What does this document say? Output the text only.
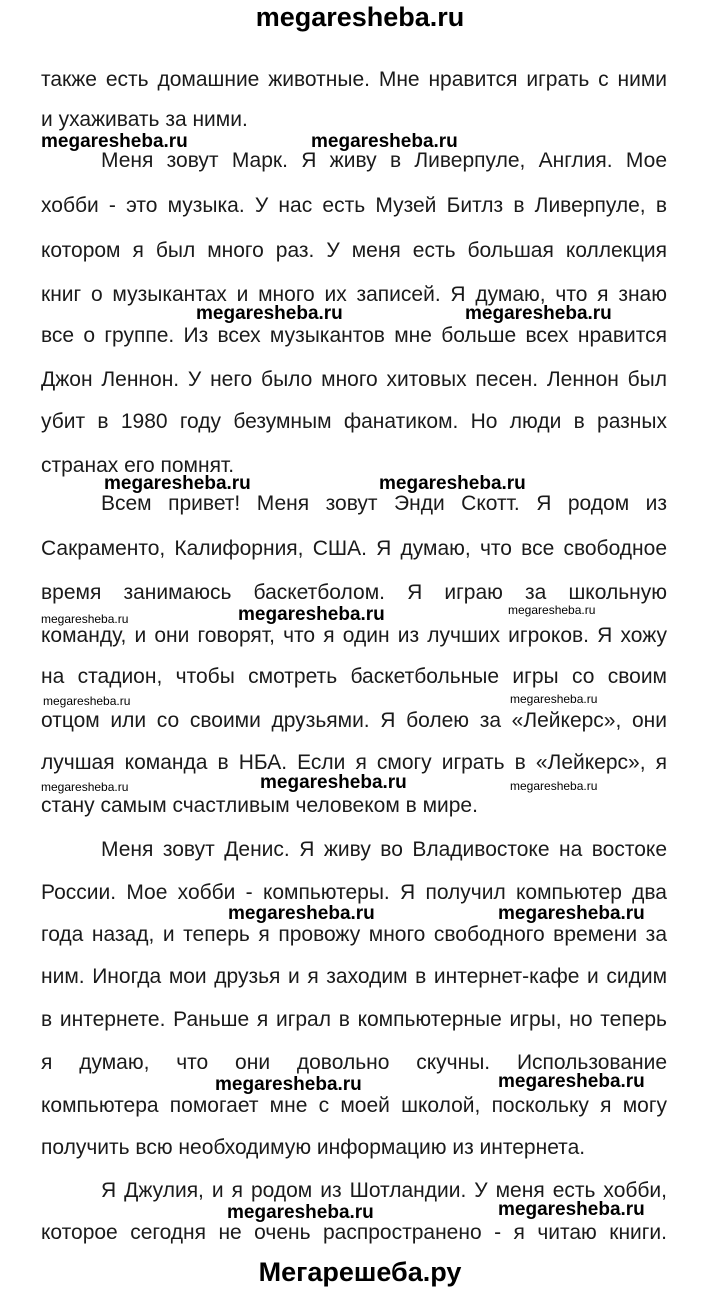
megaresheba.ru
также есть домашние животные. Мне нравится играть с ними
и ухаживать за ними.
Меня зовут Марк. Я живу в Ливерпуле, Англия. Мое
хобби - это музыка. У нас есть Музей Битлз в Ливерпуле, в
котором я был много раз. У меня есть большая коллекция
книг о музыкантах и много их записей. Я думаю, что я знаю
все о группе. Из всех музыкантов мне больше всех нравится
Джон Леннон. У него было много хитовых песен. Леннон был
убит в 1980 году безумным фанатиком. Но люди в разных
странах его помнят.
Всем привет! Меня зовут Энди Скотт. Я родом из
Сакраменто, Калифорния, США. Я думаю, что все свободное
время занимаюсь баскетболом. Я играю за школьную
команду, и они говорят, что я один из лучших игроков. Я хожу
на стадион, чтобы смотреть баскетбольные игры со своим
отцом или со своими друзьями. Я болею за «Лейкерс», они
лучшая команда в НБА. Если я смогу играть в «Лейкерс», я
стану самым счастливым человеком в мире.
Меня зовут Денис. Я живу во Владивостоке на востоке
России. Мое хобби - компьютеры. Я получил компьютер два
года назад, и теперь я провожу много свободного времени за
ним. Иногда мои друзья и я заходим в интернет-кафе и сидим
в интернете. Раньше я играл в компьютерные игры, но теперь
я думаю, что они довольно скучны. Использование
компьютера помогает мне с моей школой, поскольку я могу
получить всю необходимую информацию из интернета.
Я Джулия, и я родом из Шотландии. У меня есть хобби,
которое сегодня не очень распространено - я читаю книги.
megaresheba.ru	megaresheba.ru
megaresheba.ru	megaresheba.ru
megaresheba.ru	megaresheba.ru
megaresheba.ru
megaresheba.ru
megaresheba.ru
megaresheba.ru	megaresheba.ru
megaresheba.ru
megaresheba.ru	megaresheba.ru
megaresheba.ru	megaresheba.ru
megaresheba.ru	megaresheba.ru
megaresheba.ru	megaresheba.ru
Мегарешеба.ру
